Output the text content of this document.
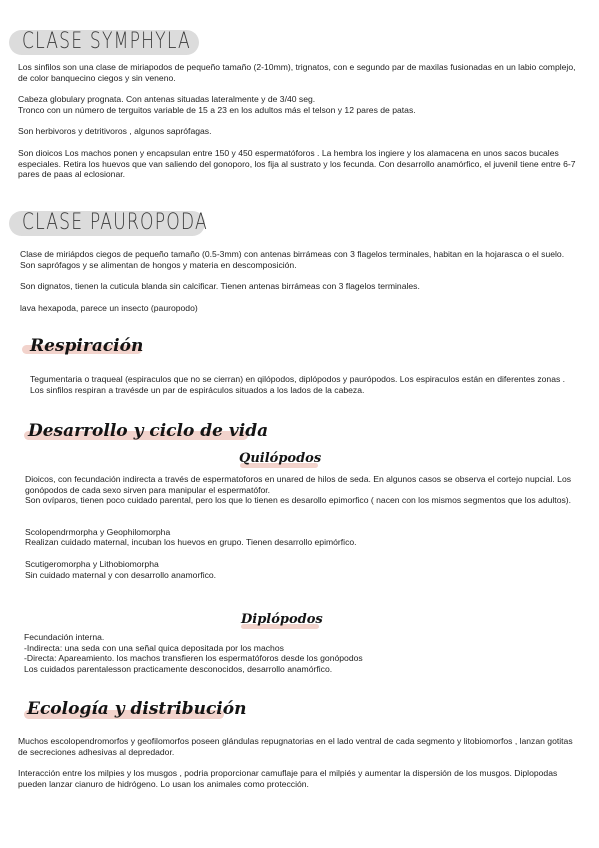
CLASE SYMPHYLA

Los sinfilos son una clase de miriapodos de pequeño tamaño (2-10mm), trignatos, con e segundo par de maxilas fusionadas en un labio complejo, de color banquecino ciegos y sin veneno.

Cabeza globulary prognata. Con antenas situadas lateralmente y de 3/40 seg.

Tronco con un número de terguitos variable de 15 a 23 en los adultos más el telson y 12 pares de patas.

Son herbivoros y detritivoros , algunos saprófagas.

Son dioicos Los machos ponen y encapsulan entre 150 y 450 espermatóforos . La hembra los ingiere y los alamacena en unos sacos bucales especiales. Retira los huevos que van saliendo del gonoporo, los fija al sustrato y los fecunda. Con desarrollo anamórfico, el juvenil tiene entre 6-7 pares de paas al eclosionar.

CLASE PAUROPODA

Clase de miriápdos ciegos de pequeño tamaño (0.5-3mm) con antenas birrámeas con 3 flagelos terminales, habitan en la hojarasca o el suelo. Son saprófagos y se alimentan de hongos y materia en descomposición.

Son dignatos, tienen la cuticula blanda sin calcificar. Tienen antenas birrámeas con 3 flagelos terminales.

lava hexapoda, parece un insecto (pauropodo)

Respiración

Tegumentaria o traqueal (espiraculos que no se cierran) en qilópodos, diplópodos y paurópodos. Los espiraculos están en diferentes zonas .

Los sinfilos respiran a travésde un par de espiráculos situados a los lados de la cabeza.

Desarrollo y ciclo de vida
Quilópodos

Dioicos, con fecundación indirecta a través de espermatoforos en unared de hilos de seda. En algunos casos se observa el cortejo nupcial. Los gonópodos de cada sexo sirven para manipular el espermatófor.

Son ovíparos, tienen poco cuidado parental, pero los que lo tienen es desarollo epimorfico ( nacen con los mismos segmentos que los adultos).

Scolopendrmorpha y Geophilomorpha

Realizan cuidado maternal, incuban los huevos en grupo. Tienen desarrollo epimórfico.

Scutigeromorpha y Lithobiomorpha

Sin cuidado maternal y con desarrollo anamorfico.

Diplópodos

Fecundación interna.

-Indirecta: una seda con una señal quica depositada por los machos

-Directa: Apareamiento. los machos transfieren los espermatóforos desde los gonópodos

Los cuidados parentalesson practicamente desconocidos, desarrollo anamórfico.

Ecología y distribución

Muchos escolopendromorfos y geofilomorfos poseen glándulas repugnatorias en el lado ventral de cada segmento y litobiomorfos , lanzan gotitas de secreciones adhesivas al depredador.

Interacción entre los milpies y los musgos , podria proporcionar camuflaje para el milpiés y aumentar la dispersión de los musgos. Diplopodas pueden lanzar cianuro de hidrógeno. Lo usan los animales como protección.
